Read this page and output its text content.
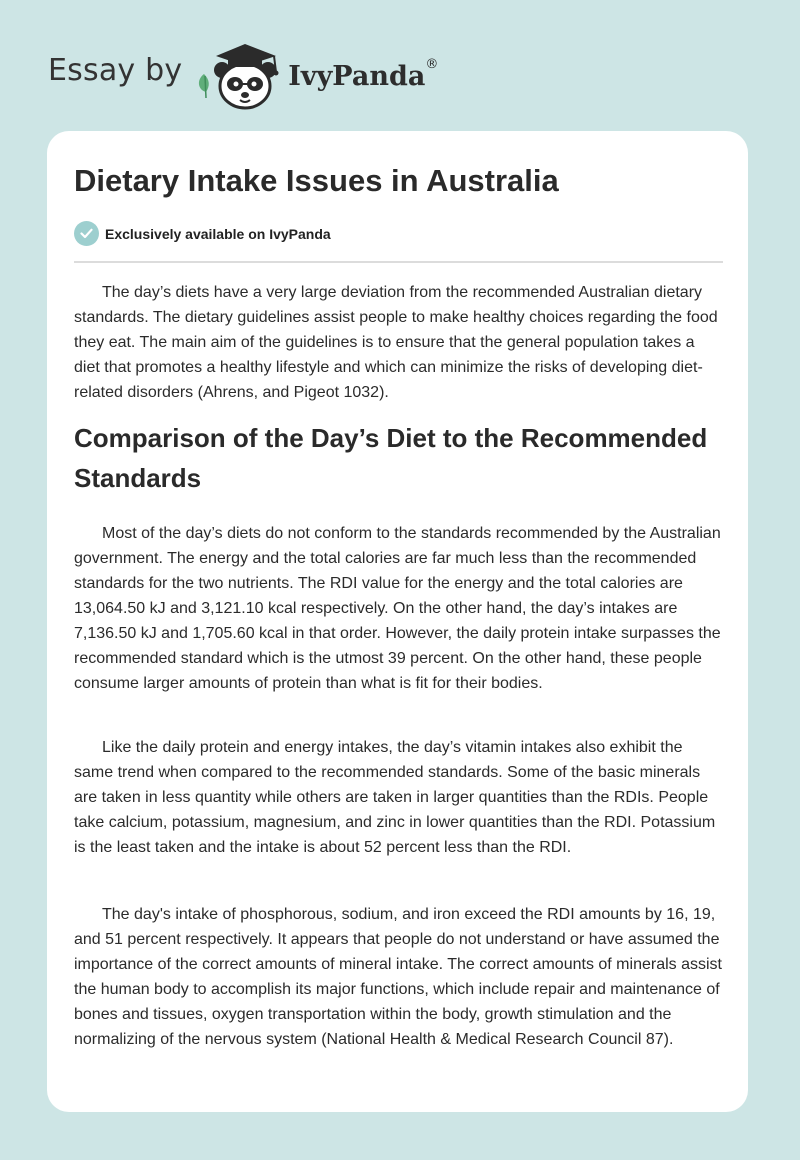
Essay by	IvyPanda®
Dietary Intake Issues in Australia
Exclusively available on IvyPanda

The day’s diets have a very large deviation from the recommended Australian dietary standards. The dietary guidelines assist people to make healthy choices regarding the food they eat. The main aim of the guidelines is to ensure that the general population takes a diet that promotes a healthy lifestyle and which can minimize the risks of developing diet-related disorders (Ahrens, and Pigeot 1032).

Comparison of the Day’s Diet to the Recommended Standards

Most of the day’s diets do not conform to the standards recommended by the Australian government. The energy and the total calories are far much less than the recommended standards for the two nutrients. The RDI value for the energy and the total calories are 13,064.50 kJ and 3,121.10 kcal respectively. On the other hand, the day’s intakes are 7,136.50 kJ and 1,705.60 kcal in that order. However, the daily protein intake surpasses the recommended standard which is the utmost 39 percent. On the other hand, these people consume larger amounts of protein than what is fit for their bodies.

Like the daily protein and energy intakes, the day’s vitamin intakes also exhibit the same trend when compared to the recommended standards. Some of the basic minerals are taken in less quantity while others are taken in larger quantities than the RDIs. People take calcium, potassium, magnesium, and zinc in lower quantities than the RDI. Potassium is the least taken and the intake is about 52 percent less than the RDI.

The day's intake of phosphorous, sodium, and iron exceed the RDI amounts by 16, 19, and 51 percent respectively. It appears that people do not understand or have assumed the importance of the correct amounts of mineral intake. The correct amounts of minerals assist the human body to accomplish its major functions, which include repair and maintenance of bones and tissues, oxygen transportation within the body, growth stimulation and the normalizing of the nervous system (National Health & Medical Research Council 87).
